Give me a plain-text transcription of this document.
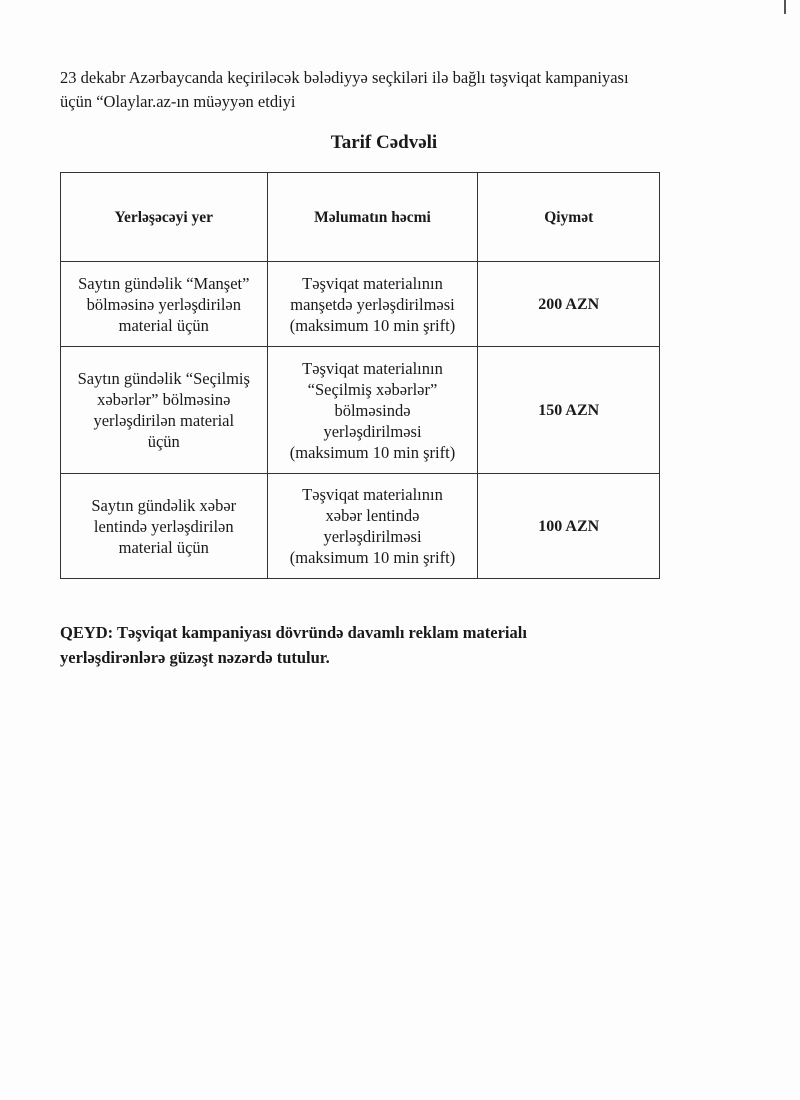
23 dekabr Azərbaycanda keçiriləcək bələdiyyə seçkiləri ilə bağlı təşviqat kampaniyası

üçün “Olaylar.az-ın müəyyən etdiyi

Tarif Cədvəli
Yerləşəcəyi yer	Məlumatın həcmi	Qiymət
Saytın gündəlik “Manşet”
bölməsinə yerləşdirilən
material üçün	Təşviqat materialının
manşetdə yerləşdirilməsi
(maksimum 10 min şrift)	200 AZN
Saytın gündəlik “Seçilmiş
xəbərlər” bölməsinə
yerləşdirilən material
üçün	Təşviqat materialının
“Seçilmiş xəbərlər”
bölməsində
yerləşdirilməsi
(maksimum 10 min şrift)	150 AZN
Saytın gündəlik xəbər
lentində yerləşdirilən
material üçün	Təşviqat materialının
xəbər lentində
yerləşdirilməsi
(maksimum 10 min şrift)	100 AZN
QEYD: Təşviqat kampaniyası dövründə davamlı reklam materialı
yerləşdirənlərə güzəşt nəzərdə tutulur.
